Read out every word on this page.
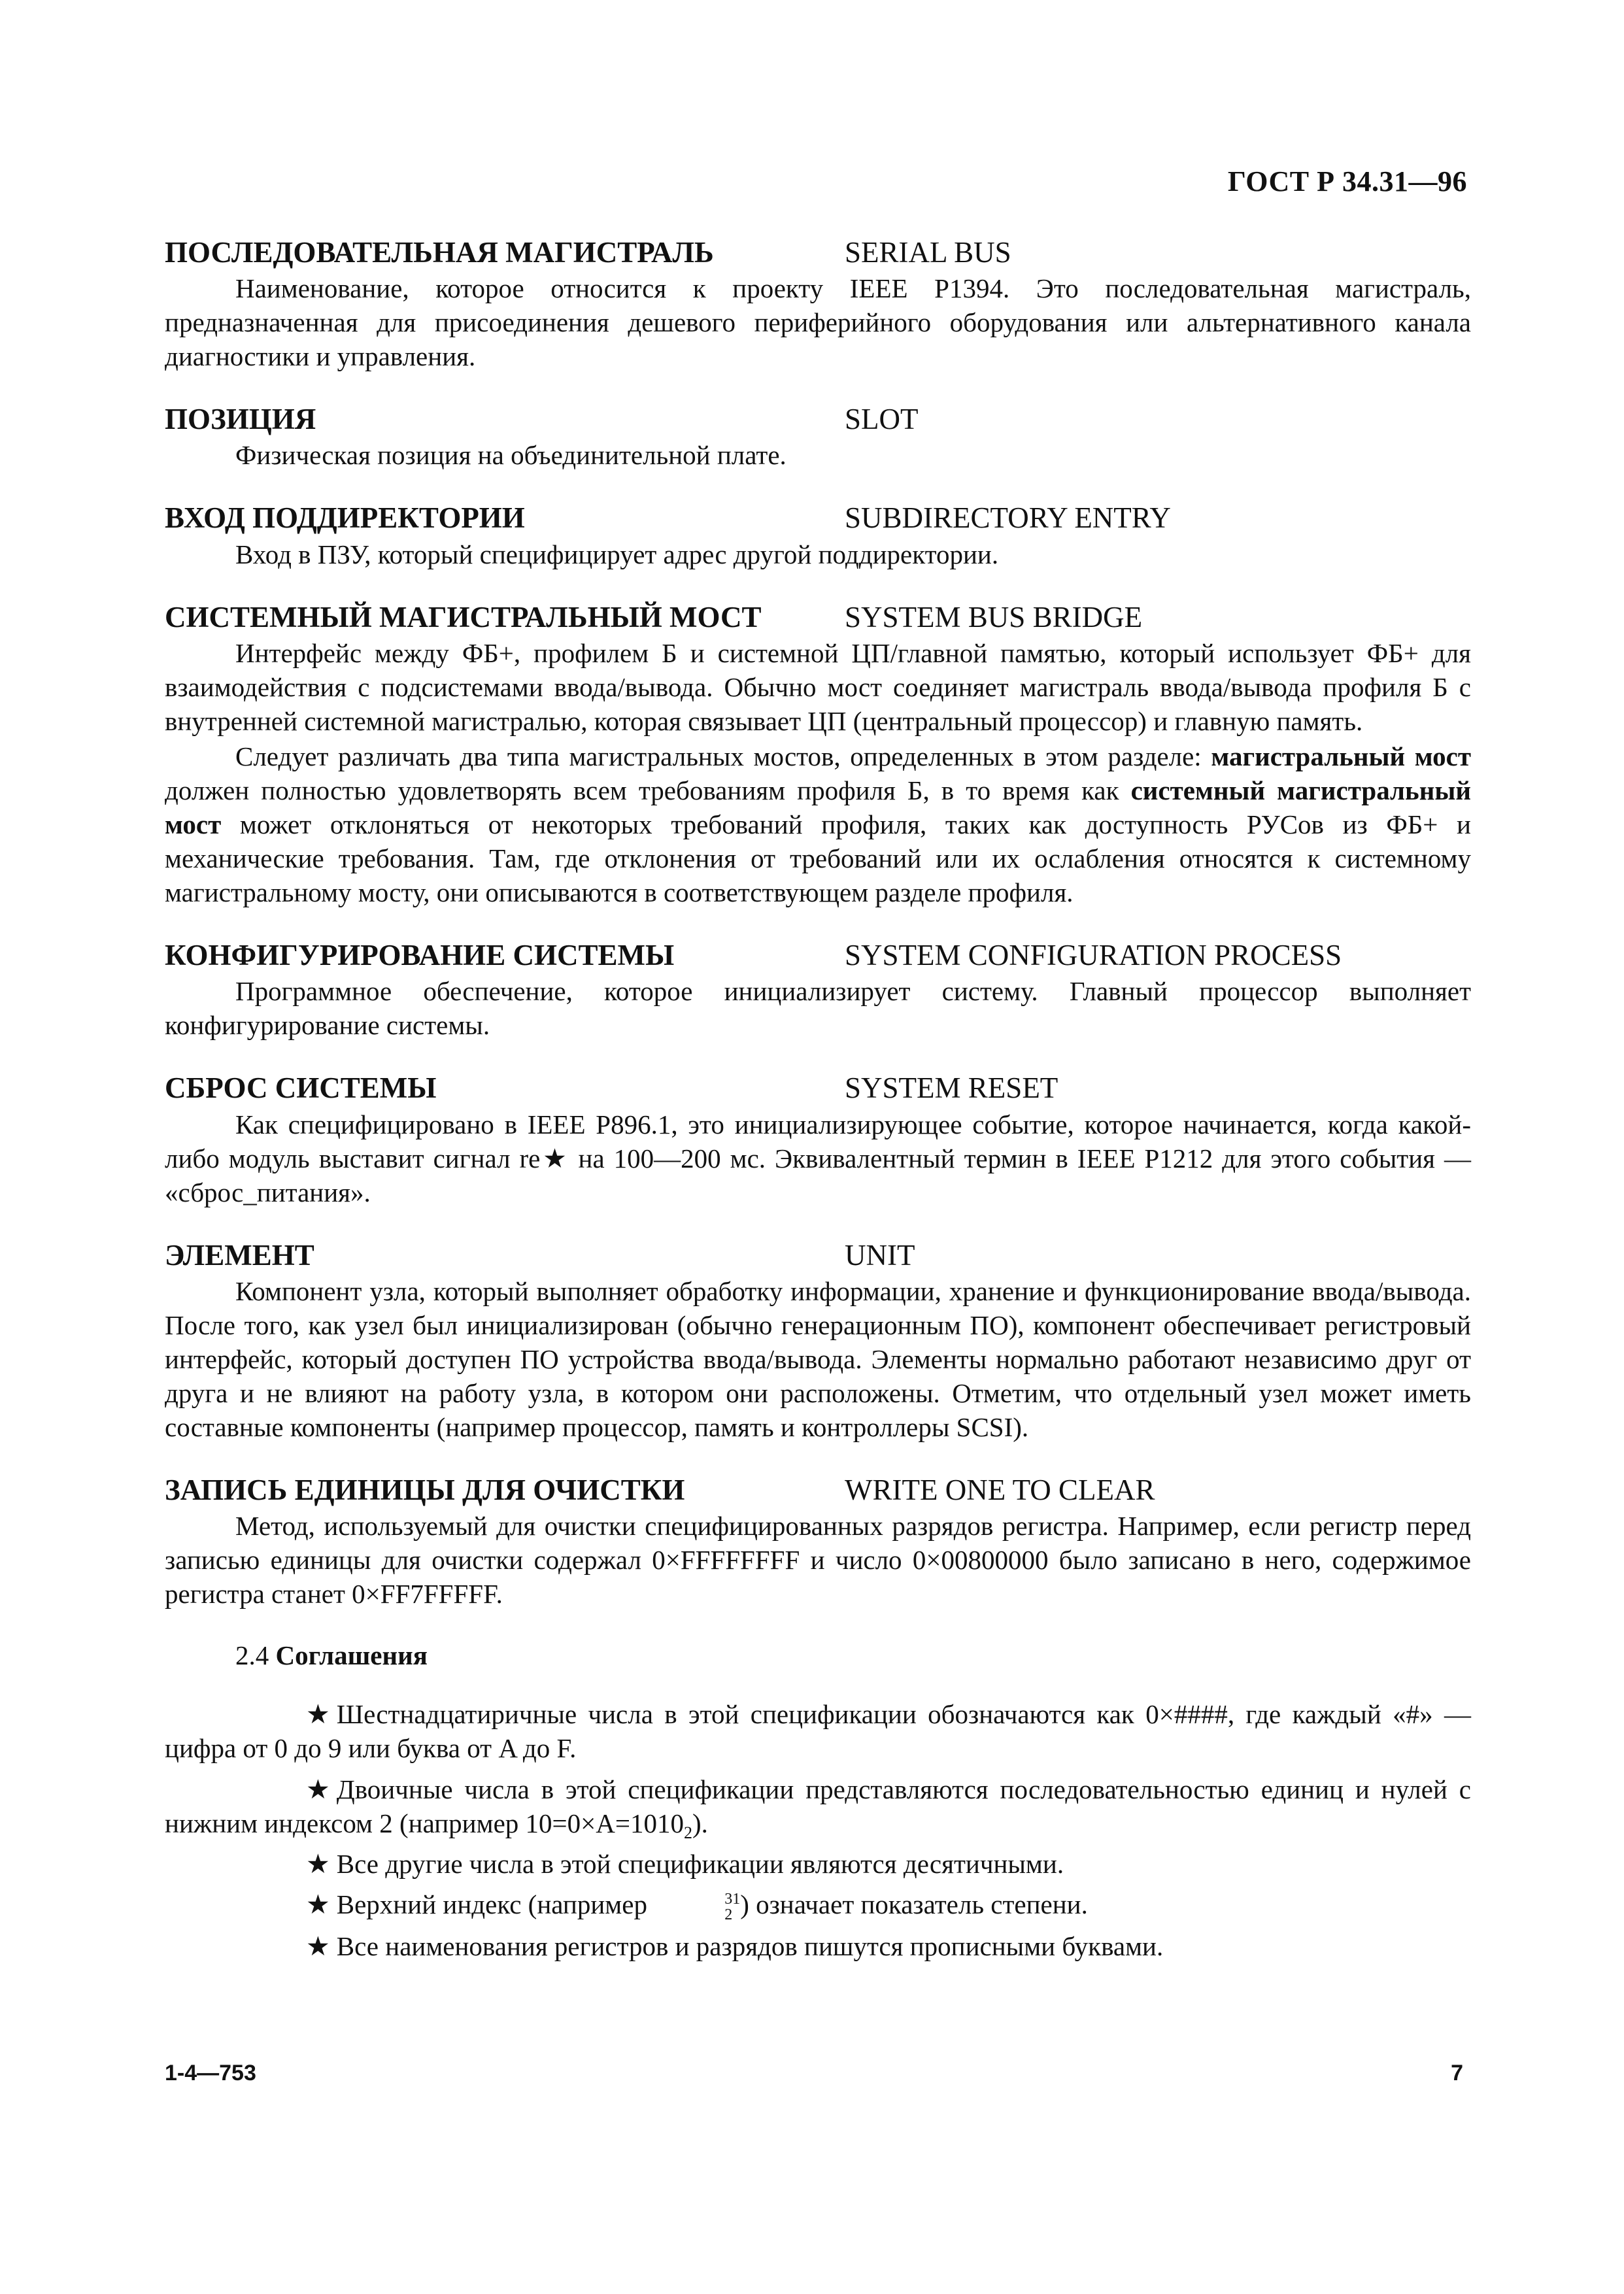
ГОСТ Р 34.31—96
ПОСЛЕДОВАТЕЛЬНАЯ МАГИСТРАЛЬ	SERIAL BUS

Наименование, которое относится к проекту IEEE P1394. Это последовательная магистраль, предназначенная для присоединения дешевого периферийного оборудования или альтернативного канала диагностики и управления.

ПОЗИЦИЯ	SLOT

Физическая позиция на объединительной плате.

ВХОД ПОДДИРЕКТОРИИ	SUBDIRECTORY ENTRY

Вход в ПЗУ, который специфицирует адрес другой поддиректории.

СИСТЕМНЫЙ МАГИСТРАЛЬНЫЙ МОСТ	SYSTEM BUS BRIDGE

Интерфейс между ФБ+, профилем Б и системной ЦП/главной памятью, который использует ФБ+ для взаимодействия с подсистемами ввода/вывода. Обычно мост соединяет магистраль ввода/вывода профиля Б с внутренней системной магистралью, которая связывает ЦП (центральный процессор) и главную память.

Следует различать два типа магистральных мостов, определенных в этом разделе: магистральный мост должен полностью удовлетворять всем требованиям профиля Б, в то время как системный магистральный мост может отклоняться от некоторых требований профиля, таких как доступность РУСов из ФБ+ и механические требования. Там, где отклонения от требований или их ослабления относятся к системному магистральному мосту, они описываются в соответствующем разделе профиля.

КОНФИГУРИРОВАНИЕ СИСТЕМЫ	SYSTEM CONFIGURATION PROCESS

Программное обеспечение, которое инициализирует систему. Главный процессор выполняет конфигурирование системы.

СБРОС СИСТЕМЫ	SYSTEM RESET

Как специфицировано в IEEE P896.1, это инициализирующее событие, которое начинается, когда какой-либо модуль выставит сигнал re★ на 100—200 мс. Эквивалентный термин в IEEE P1212 для этого события — «сброс_питания».

ЭЛЕМЕНТ	UNIT

Компонент узла, который выполняет обработку информации, хранение и функционирование ввода/вывода. После того, как узел был инициализирован (обычно генерационным ПО), компонент обеспечивает регистровый интерфейс, который доступен ПО устройства ввода/вывода. Элементы нормально работают независимо друг от друга и не влияют на работу узла, в котором они расположены. Отметим, что отдельный узел может иметь составные компоненты (например процессор, память и контроллеры SCSI).

ЗАПИСЬ ЕДИНИЦЫ ДЛЯ ОЧИСТКИ	WRITE ONE TO CLEAR

Метод, используемый для очистки специфицированных разрядов регистра. Например, если регистр перед записью единицы для очистки содержал 0×FFFFFFFF и число 0×00800000 было записано в него, содержимое регистра станет 0×FF7FFFFF.

2.4 Соглашения

★ Шестнадцатиричные числа в этой спецификации обозначаются как 0×####, где каждый «#» — цифра от 0 до 9 или буква от A до F.

★ Двоичные числа в этой спецификации представляются последовательностью единиц и нулей с нижним индексом 2 (например $10=0\times A=1010_2$).

★ Все другие числа в этой спецификации являются десятичными.

★ Верхний индекс (например	31
2 ) означает показатель степени.

★ Все наименования регистров и разрядов пишутся прописными буквами.

1-4—753	7
